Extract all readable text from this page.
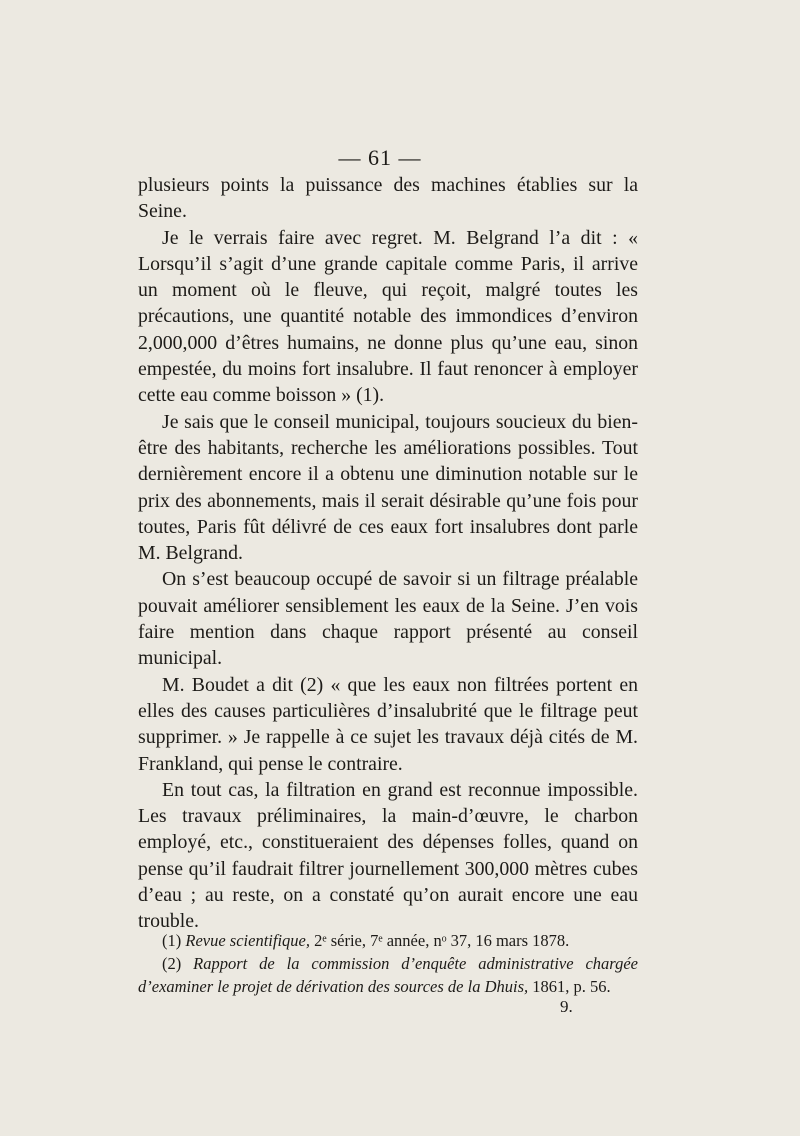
— 61 —

plusieurs points la puissance des machines établies sur la Seine.

Je le verrais faire avec regret. M. Belgrand l’a dit : « Lorsqu’il s’agit d’une grande capitale comme Paris, il arrive un moment où le fleuve, qui reçoit, malgré toutes les précautions, une quantité notable des immondices d’environ 2,000,000 d’êtres humains, ne donne plus qu’une eau, sinon empestée, du moins fort insalubre. Il faut renoncer à employer cette eau comme boisson » (1).

Je sais que le conseil municipal, toujours soucieux du bien-être des habitants, recherche les améliorations possibles. Tout dernièrement encore il a obtenu une diminution notable sur le prix des abonnements, mais il serait désirable qu’une fois pour toutes, Paris fût délivré de ces eaux fort insalubres dont parle M. Belgrand.

On s’est beaucoup occupé de savoir si un filtrage préalable pouvait améliorer sensiblement les eaux de la Seine. J’en vois faire mention dans chaque rapport présenté au conseil municipal.

M. Boudet a dit (2) « que les eaux non filtrées portent en elles des causes particulières d’insalubrité que le filtrage peut supprimer. » Je rappelle à ce sujet les travaux déjà cités de M. Frankland, qui pense le contraire.

En tout cas, la filtration en grand est reconnue impossible. Les travaux préliminaires, la main-d’œuvre, le charbon employé, etc., constitueraient des dépenses folles, quand on pense qu’il faudrait filtrer journellement 300,000 mètres cubes d’eau ; au reste, on a constaté qu’on aurait encore une eau trouble.

(1) Revue scientifique, 2ᵉ série, 7ᵉ année, nᵒ 37, 16 mars 1878.

(2) Rapport de la commission d’enquête administrative chargée d’examiner le projet de dérivation des sources de la Dhuis, 1861, p. 56.

9.
